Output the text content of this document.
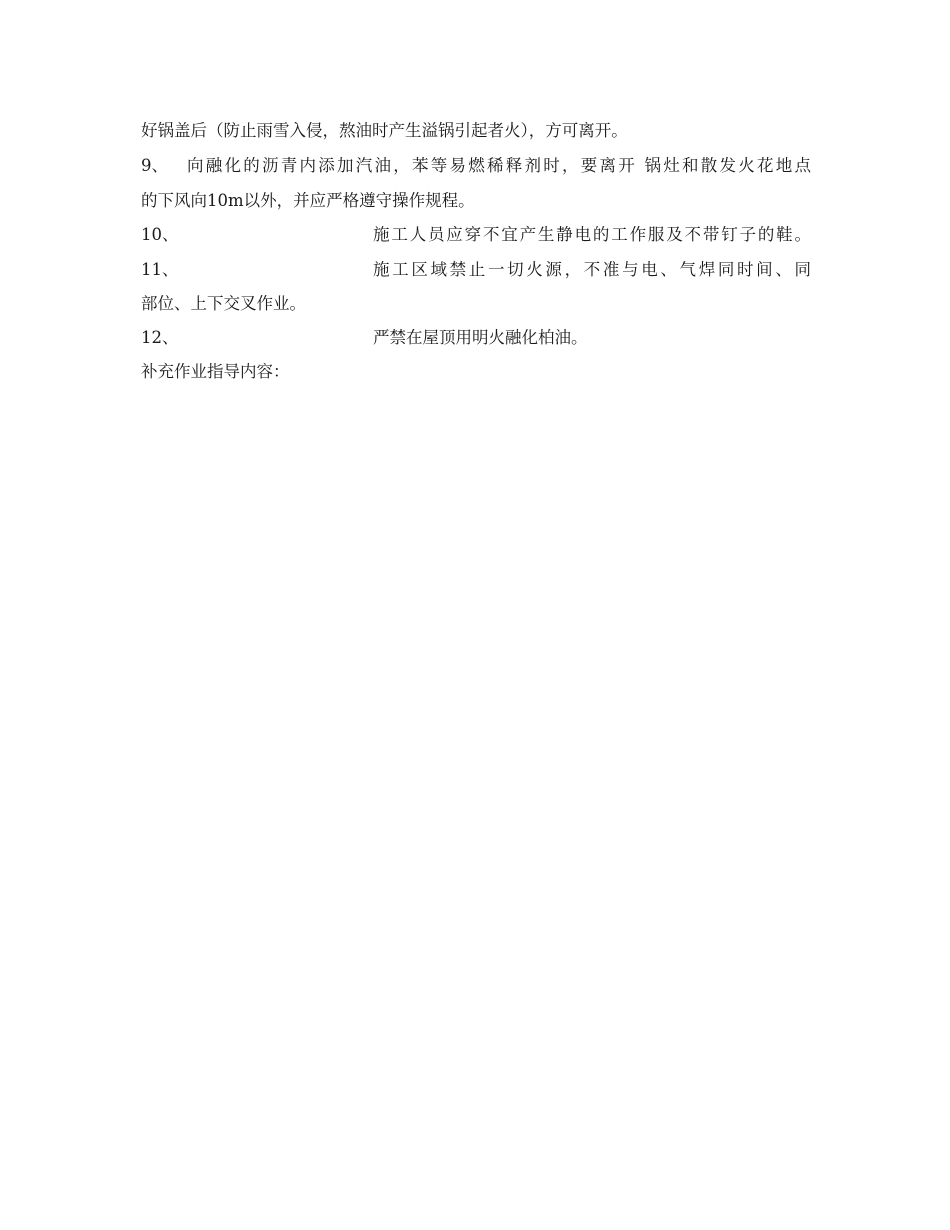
好锅盖后（防止雨雪入侵，熬油时产生溢锅引起者火），方可离开。
9、 向融化的沥青内添加汽油，苯等易燃稀释剂时，要离开 锅灶和散发火花地点
的下风向10m以外，并应严格遵守操作规程。
10、	施工人员应穿不宜产生静电的工作服及不带钉子的鞋。
11、	施工区域禁止一切火源，不准与电、气焊同时间、同
部位、上下交叉作业。
12、	严禁在屋顶用明火融化柏油。
补充作业指导内容：
